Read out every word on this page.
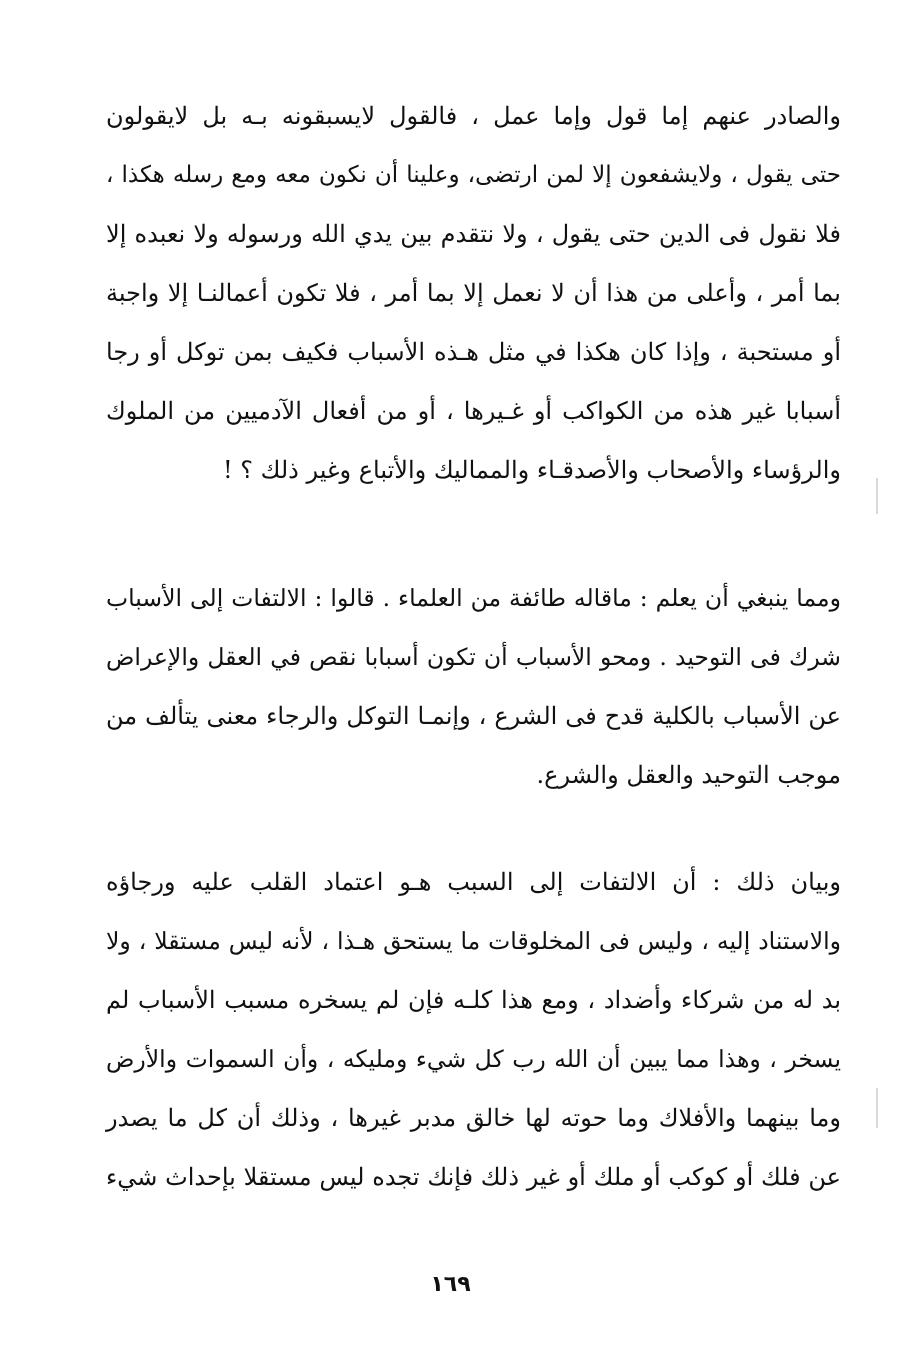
والصادر عنهم إما قول وإما عمل ، فالقول لايسبقونه بـه بل لايقولون
حتى يقول ، ولايشفعون إلا لمن ارتضى، وعلينا أن نكون معه ومع رسله هكذا ،
فلا نقول فى الدين حتى يقول ، ولا نتقدم بين يدي الله ورسوله ولا نعبده إلا
بما أمر ، وأعلى من هذا أن لا نعمل إلا بما أمر ، فلا تكون أعمالنـا إلا واجبة
أو مستحبة ، وإذا كان هكذا في مثل هـذه الأسباب فكيف بمن توكل أو رجا
أسبابا غير هذه من الكواكب أو غـيرها ، أو من أفعال الآدميين من الملوك
والرؤساء والأصحاب والأصدقـاء والمماليك والأتباع وغير ذلك ؟ !
ومما ينبغي أن يعلم : ماقاله طائفة من العلماء . قالوا : الالتفات إلى الأسباب
شرك فى التوحيد . ومحو الأسباب أن تكون أسبابا نقص في العقل والإعراض
عن الأسباب بالكلية قدح فى الشرع ، وإنمـا التوكل والرجاء معنى يتألف من
موجب التوحيد والعقل والشرع.
وبيان ذلك : أن الالتفات إلى السبب هـو اعتماد القلب عليه ورجاؤه
والاستناد إليه ، وليس فى المخلوقات ما يستحق هـذا ، لأنه ليس مستقلا ، ولا
بد له من شركاء وأضداد ، ومع هذا كلـه فإن لم يسخره مسبب الأسباب لم
يسخر ، وهذا مما يبين أن الله رب كل شيء ومليكه ، وأن السموات والأرض
وما بينهما والأفلاك وما حوته لها خالق مدبر غيرها ، وذلك أن كل ما يصدر
عن فلك أو كوكب أو ملك أو غير ذلك فإنك تجده ليس مستقلا بإحداث شيء
١٦٩
